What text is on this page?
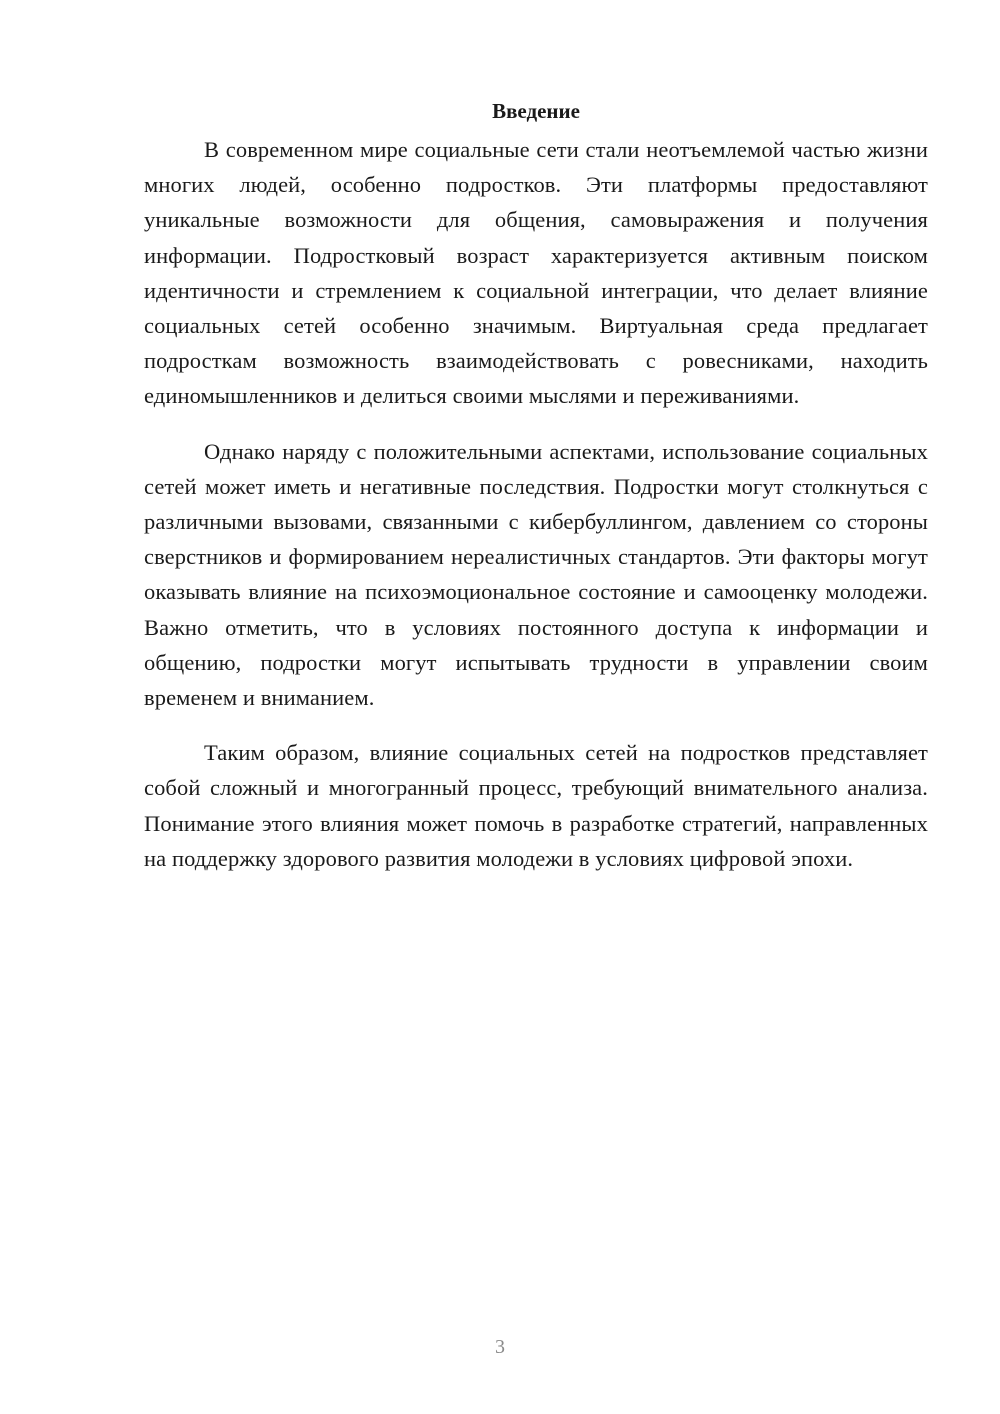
Введение

В современном мире социальные сети стали неотъемлемой частью жизни многих людей, особенно подростков. Эти платформы предоставляют уникальные возможности для общения, самовыражения и получения информации. Подростковый возраст характеризуется активным поиском идентичности и стремлением к социальной интеграции, что делает влияние социальных сетей особенно значимым. Виртуальная среда предлагает подросткам возможность взаимодействовать с ровесниками, находить единомышленников и делиться своими мыслями и переживаниями.

Однако наряду с положительными аспектами, использование социальных сетей может иметь и негативные последствия. Подростки могут столкнуться с различными вызовами, связанными с кибербуллингом, давлением со стороны сверстников и формированием нереалистичных стандартов. Эти факторы могут оказывать влияние на психоэмоциональное состояние и самооценку молодежи. Важно отметить, что в условиях постоянного доступа к информации и общению, подростки могут испытывать трудности в управлении своим временем и вниманием.

Таким образом, влияние социальных сетей на подростков представляет собой сложный и многогранный процесс, требующий внимательного анализа. Понимание этого влияния может помочь в разработке стратегий, направленных на поддержку здорового развития молодежи в условиях цифровой эпохи.

3
